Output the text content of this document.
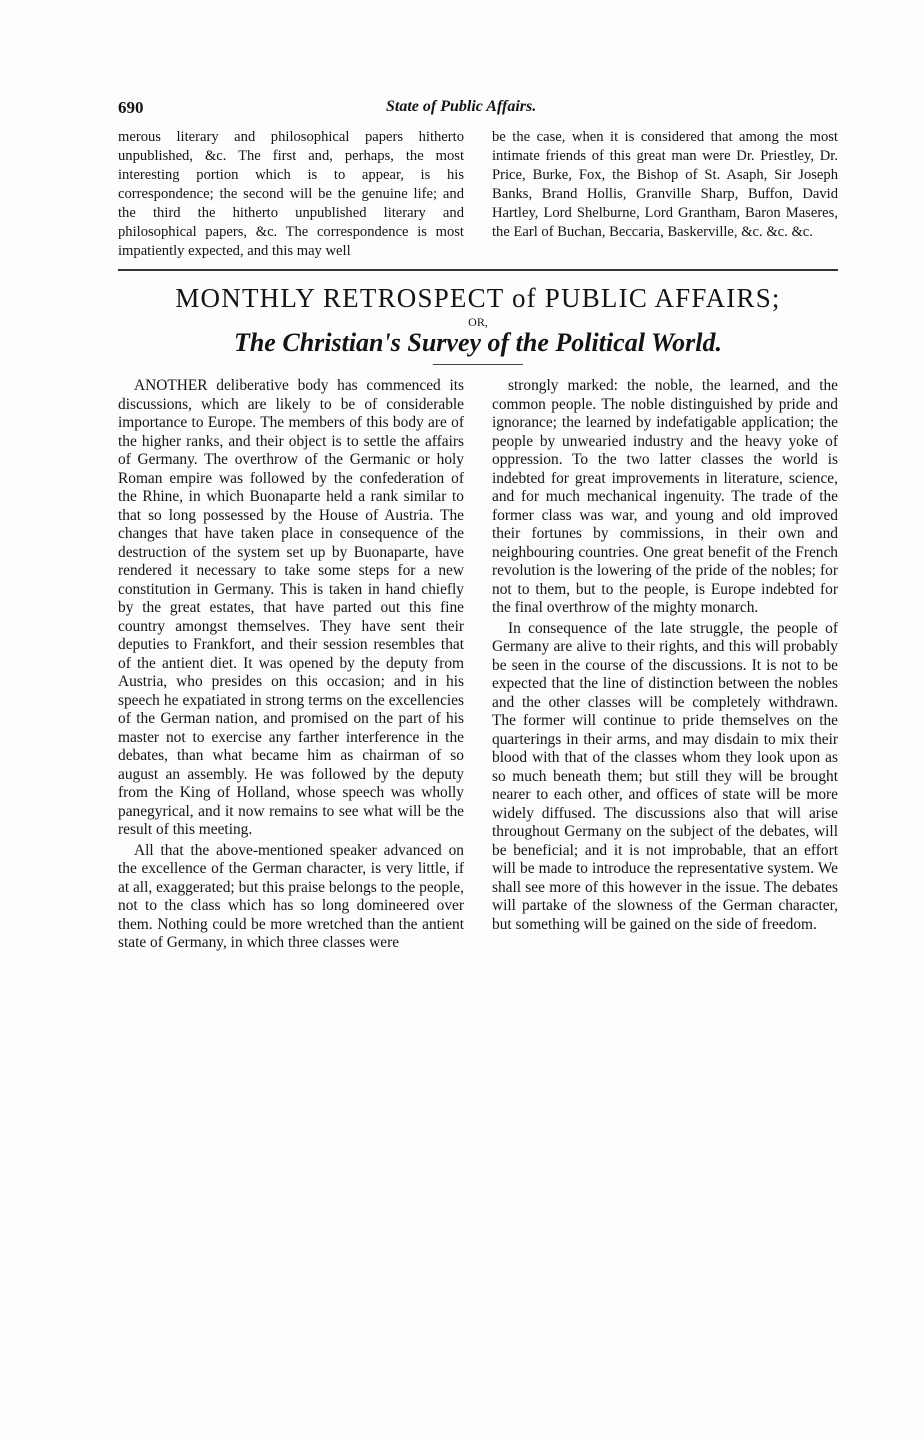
690	State of Public Affairs.

merous literary and philosophical papers hitherto unpublished, &c. The first and, perhaps, the most interesting portion which is to appear, is his correspondence; the second will be the genuine life; and the third the hitherto unpublished literary and philosophical papers, &c. The correspondence is most impatiently expected, and this may well

be the case, when it is considered that among the most intimate friends of this great man were Dr. Priestley, Dr. Price, Burke, Fox, the Bishop of St. Asaph, Sir Joseph Banks, Brand Hollis, Granville Sharp, Buffon, David Hartley, Lord Shelburne, Lord Grantham, Baron Maseres, the Earl of Buchan, Beccaria, Baskerville, &c. &c. &c.

MONTHLY RETROSPECT of PUBLIC AFFAIRS;
OR,
The Christian's Survey of the Political World.

ANOTHER deliberative body has commenced its discussions, which are likely to be of considerable importance to Europe. The members of this body are of the higher ranks, and their object is to settle the affairs of Germany. The overthrow of the Germanic or holy Roman empire was followed by the confederation of the Rhine, in which Buonaparte held a rank similar to that so long possessed by the House of Austria. The changes that have taken place in consequence of the destruction of the system set up by Buonaparte, have rendered it necessary to take some steps for a new constitution in Germany. This is taken in hand chiefly by the great estates, that have parted out this fine country amongst themselves. They have sent their deputies to Frankfort, and their session resembles that of the antient diet. It was opened by the deputy from Austria, who presides on this occasion; and in his speech he expatiated in strong terms on the excellencies of the German nation, and promised on the part of his master not to exercise any farther interference in the debates, than what became him as chairman of so august an assembly. He was followed by the deputy from the King of Holland, whose speech was wholly panegyrical, and it now remains to see what will be the result of this meeting.

All that the above-mentioned speaker advanced on the excellence of the German character, is very little, if at all, exaggerated; but this praise belongs to the people, not to the class which has so long domineered over them. Nothing could be more wretched than the antient state of Germany, in which three classes were

strongly marked: the noble, the learned, and the common people. The noble distinguished by pride and ignorance; the learned by indefatigable application; the people by unwearied industry and the heavy yoke of oppression. To the two latter classes the world is indebted for great improvements in literature, science, and for much mechanical ingenuity. The trade of the former class was war, and young and old improved their fortunes by commissions, in their own and neighbouring countries. One great benefit of the French revolution is the lowering of the pride of the nobles; for not to them, but to the people, is Europe indebted for the final overthrow of the mighty monarch.

In consequence of the late struggle, the people of Germany are alive to their rights, and this will probably be seen in the course of the discussions. It is not to be expected that the line of distinction between the nobles and the other classes will be completely withdrawn. The former will continue to pride themselves on the quarterings in their arms, and may disdain to mix their blood with that of the classes whom they look upon as so much beneath them; but still they will be brought nearer to each other, and offices of state will be more widely diffused. The discussions also that will arise throughout Germany on the subject of the debates, will be beneficial; and it is not improbable, that an effort will be made to introduce the representative system. We shall see more of this however in the issue. The debates will partake of the slowness of the German character, but something will be gained on the side of freedom.
